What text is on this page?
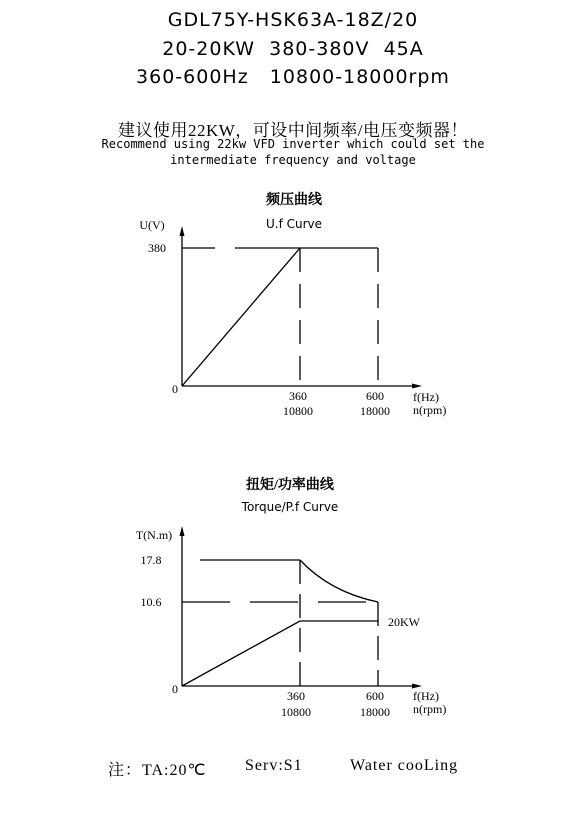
GDL75Y-HSK63A-18Z/20
20-20KW  380-380V  45A
360-600Hz   10800-18000rpm
建议使用22KW，可设中间频率/电压变频器！
Recommend using 22kw VFD inverter which could set the
intermediate frequency and voltage
频压曲线
U.f Curve
U(V)
380
0	360
10800
600
18000
f(Hz)
n(rpm)
扭矩/功率曲线
Torque/P.f Curve
T(N.m)
17.8
10.6
20KW
0	360
10800
600
18000
f(Hz)
n(rpm)

注：TA:20℃

Serv:S1

	Water cooLing
